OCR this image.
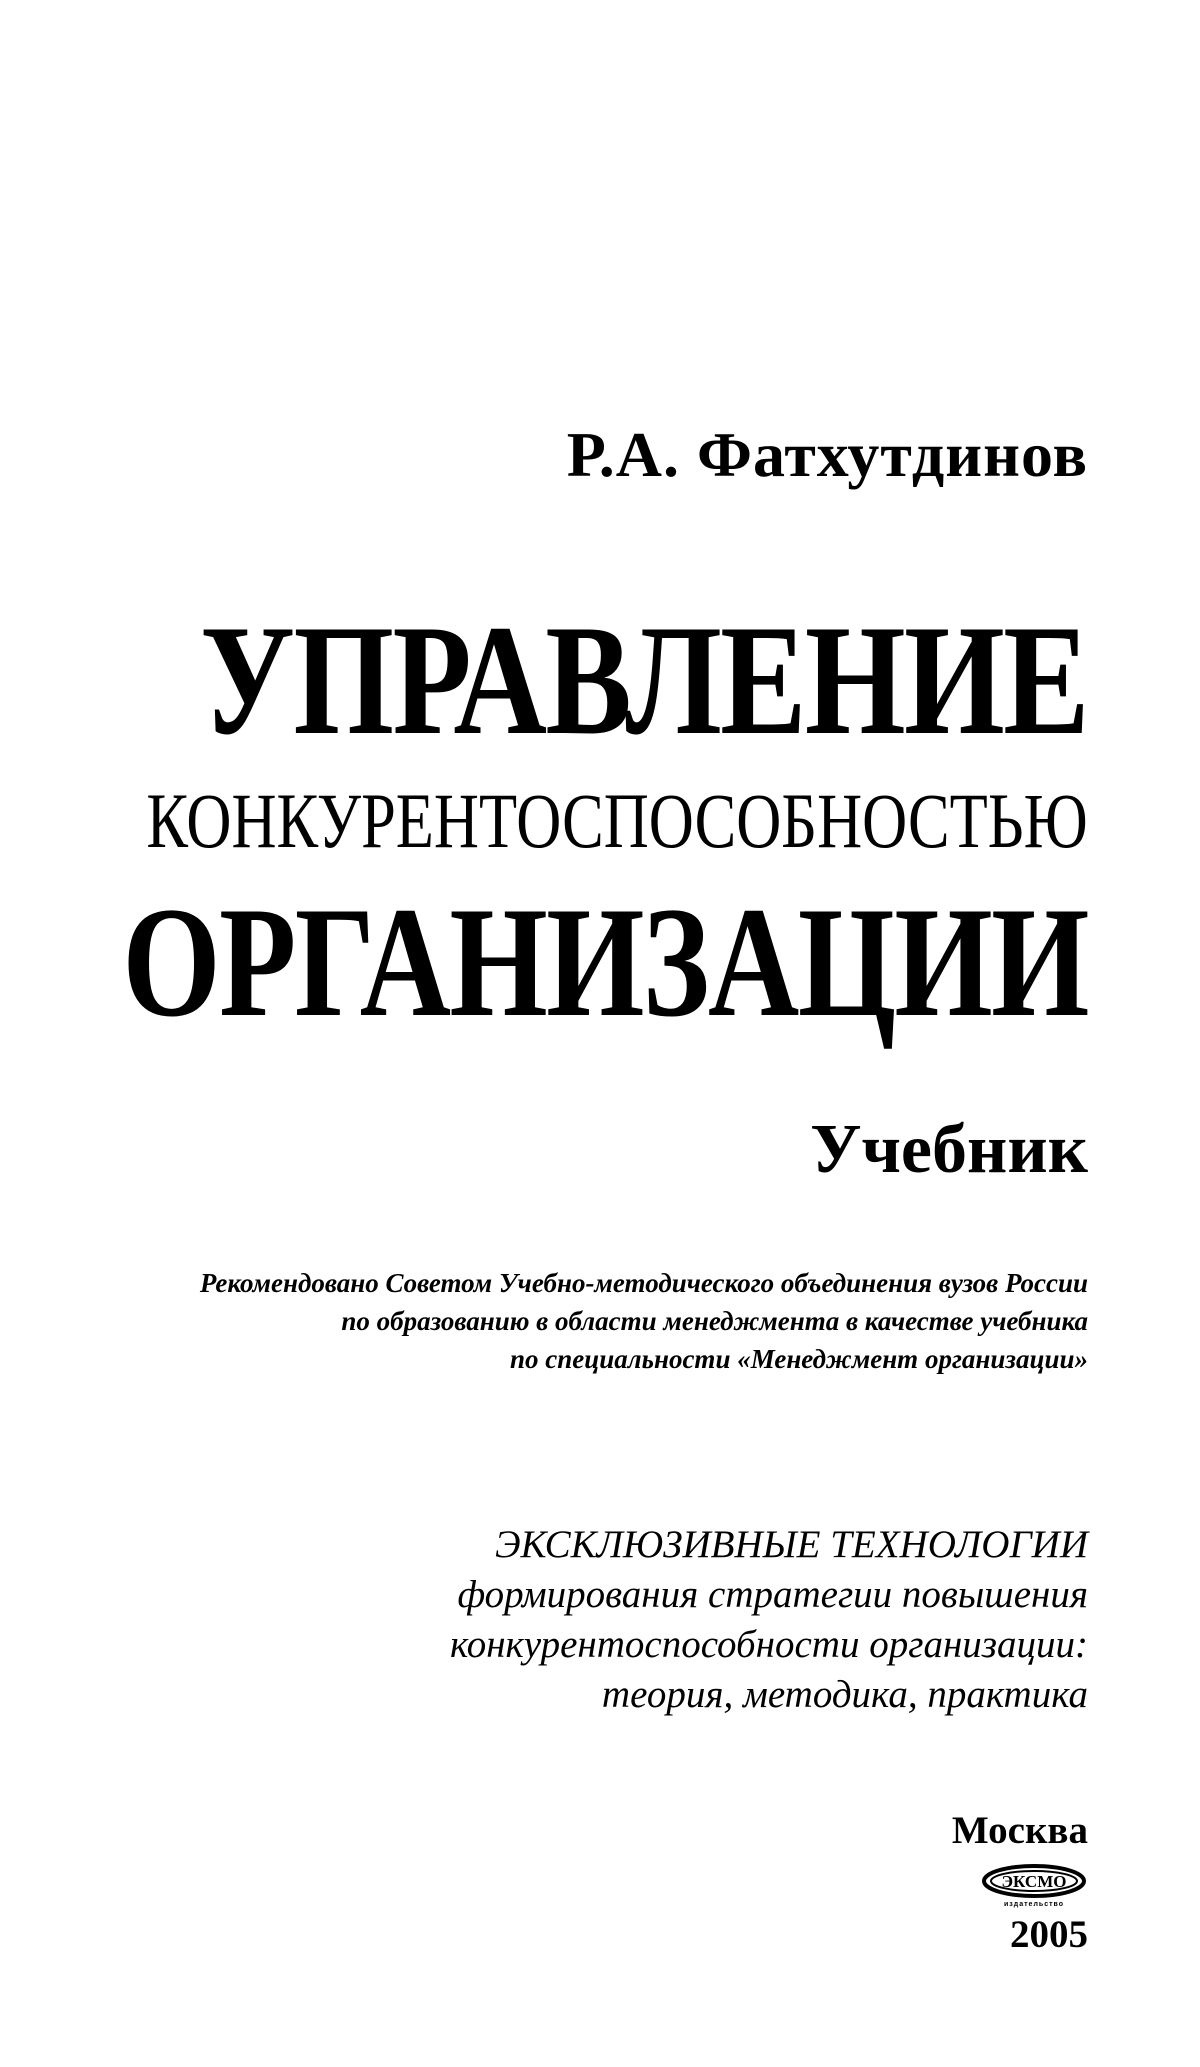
Р.А. Фатхутдинов
УПРАВЛЕНИЕ
КОНКУРЕНТОСПОСОБНОСТЬЮ
ОРГАНИЗАЦИИ
Учебник
Рекомендовано Советом Учебно-методического объединения вузов России
по образованию в области менеджмента в качестве учебника
по специальности «Менеджмент организации»
ЭКСКЛЮЗИВНЫЕ ТЕХНОЛОГИИ
формирования стратегии повышения
конкурентоспособности организации:
теория, методика, практика
Москва
ЭКСМО
издательство
2005
